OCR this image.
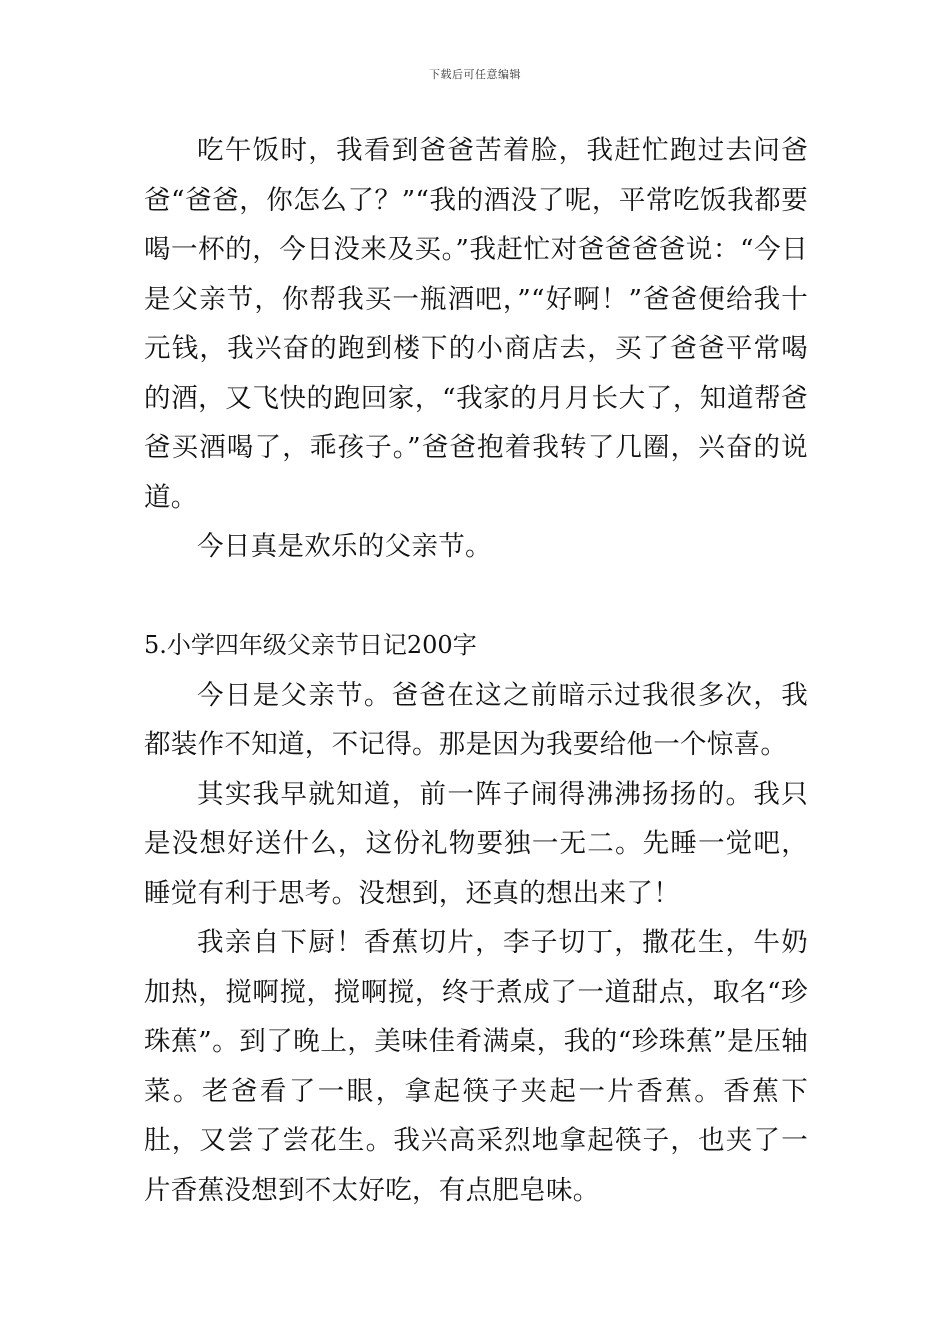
下载后可任意编辑

吃午饭时，我看到爸爸苦着脸，我赶忙跑过去问爸爸“爸爸，你怎么了？”“我的酒没了呢，平常吃饭我都要喝一杯的，今日没来及买。”我赶忙对爸爸爸爸说：“今日是父亲节，你帮我买一瓶酒吧，”“好啊！”爸爸便给我十元钱，我兴奋的跑到楼下的小商店去，买了爸爸平常喝的酒，又飞快的跑回家，“我家的月月长大了，知道帮爸爸买酒喝了，乖孩子。”爸爸抱着我转了几圈，兴奋的说道。

今日真是欢乐的父亲节。

5.小学四年级父亲节日记200字

今日是父亲节。爸爸在这之前暗示过我很多次，我都装作不知道，不记得。那是因为我要给他一个惊喜。

其实我早就知道，前一阵子闹得沸沸扬扬的。我只是没想好送什么，这份礼物要独一无二。先睡一觉吧，睡觉有利于思考。没想到，还真的想出来了！

我亲自下厨！香蕉切片，李子切丁，撒花生，牛奶加热，搅啊搅，搅啊搅，终于煮成了一道甜点，取名“珍珠蕉”。到了晚上，美味佳肴满桌，我的“珍珠蕉”是压轴菜。老爸看了一眼，拿起筷子夹起一片香蕉。香蕉下肚，又尝了尝花生。我兴高采烈地拿起筷子，也夹了一片香蕉没想到不太好吃，有点肥皂味。
